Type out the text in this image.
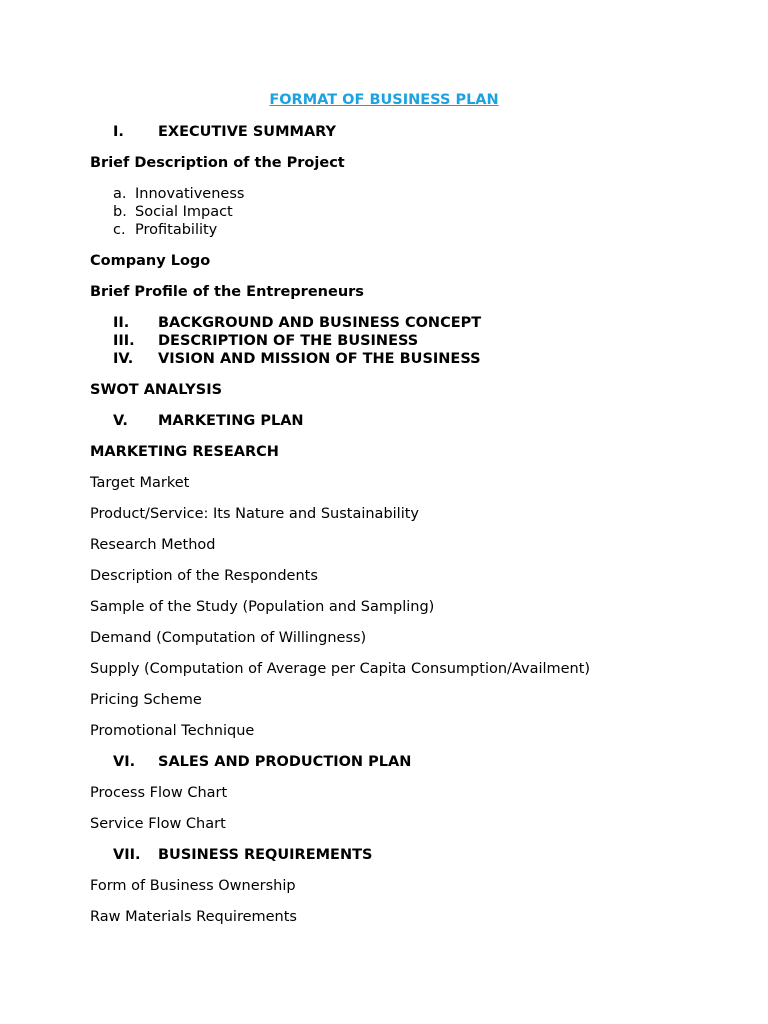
FORMAT OF BUSINESS PLAN
I. EXECUTIVE SUMMARY
Brief Description of the Project
a. Innovativeness
b. Social Impact
c. Profitability
Company Logo
Brief Profile of the Entrepreneurs
II. BACKGROUND AND BUSINESS CONCEPT
III. DESCRIPTION OF THE BUSINESS
IV. VISION AND MISSION OF THE BUSINESS
SWOT ANALYSIS
V. MARKETING PLAN
MARKETING RESEARCH
Target Market
Product/Service: Its Nature and Sustainability
Research Method
Description of the Respondents
Sample of the Study (Population and Sampling)
Demand (Computation of Willingness)
Supply (Computation of Average per Capita Consumption/Availment)
Pricing Scheme
Promotional Technique
VI. SALES AND PRODUCTION PLAN
Process Flow Chart
Service Flow Chart
VII. BUSINESS REQUIREMENTS
Form of Business Ownership
Raw Materials Requirements
